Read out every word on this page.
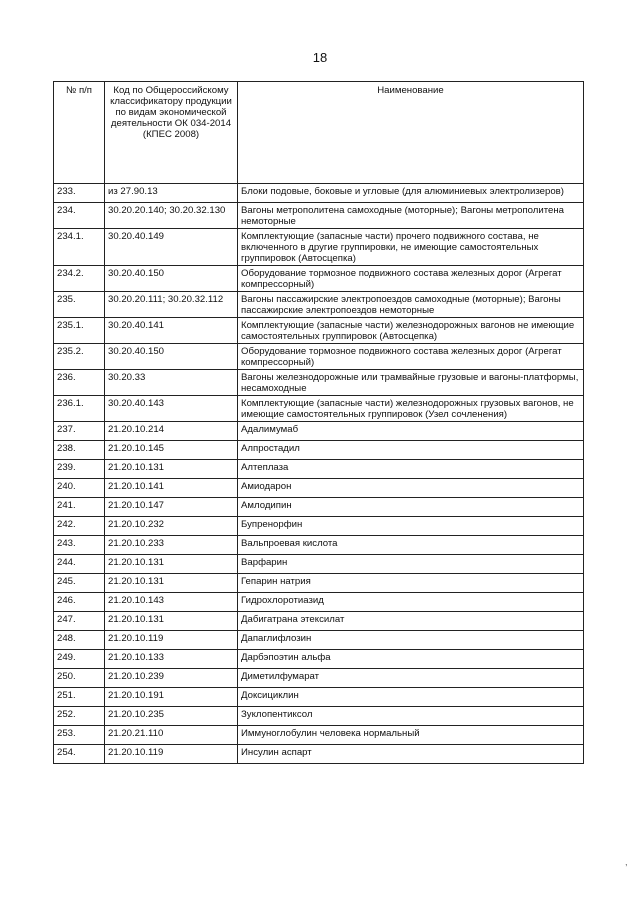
18
№ п/п	Код по Общероссийскому классификатору продукции по видам экономической деятельности ОК 034-2014 (КПЕС 2008)	Наименование
233.	из 27.90.13	Блоки подовые, боковые и угловые (для алюминиевых электролизеров)
234.	30.20.20.140; 30.20.32.130	Вагоны метрополитена самоходные (моторные); Вагоны метрополитена немоторные
234.1.	30.20.40.149	Комплектующие (запасные части) прочего подвижного состава, не включенного в другие группировки, не имеющие самостоятельных группировок (Автосцепка)
234.2.	30.20.40.150	Оборудование тормозное подвижного состава железных дорог (Агрегат компрессорный)
235.	30.20.20.111; 30.20.32.112	Вагоны пассажирские электропоездов самоходные (моторные); Вагоны пассажирские электропоездов немоторные
235.1.	30.20.40.141	Комплектующие (запасные части) железнодорожных вагонов не имеющие самостоятельных группировок (Автосцепка)
235.2.	30.20.40.150	Оборудование тормозное подвижного состава железных дорог (Агрегат компрессорный)
236.	30.20.33	Вагоны железнодорожные или трамвайные грузовые и вагоны-платформы, несамоходные
236.1.	30.20.40.143	Комплектующие (запасные части) железнодорожных грузовых вагонов, не имеющие самостоятельных группировок (Узел сочленения)
237.	21.20.10.214	Адалимумаб
238.	21.20.10.145	Алпростадил
239.	21.20.10.131	Алтеплаза
240.	21.20.10.141	Амиодарон
241.	21.20.10.147	Амлодипин
242.	21.20.10.232	Бупренорфин
243.	21.20.10.233	Вальпроевая кислота
244.	21.20.10.131	Варфарин
245.	21.20.10.131	Гепарин натрия
246.	21.20.10.143	Гидрохлоротиазид
247.	21.20.10.131	Дабигатрана этексилат
248.	21.20.10.119	Дапаглифлозин
249.	21.20.10.133	Дарбэпоэтин альфа
250.	21.20.10.239	Диметилфумарат
251.	21.20.10.191	Доксициклин
252.	21.20.10.235	Зуклопентиксол
253.	21.20.21.110	Иммуноглобулин человека нормальный
254.	21.20.10.119	Инсулин аспарт
,
